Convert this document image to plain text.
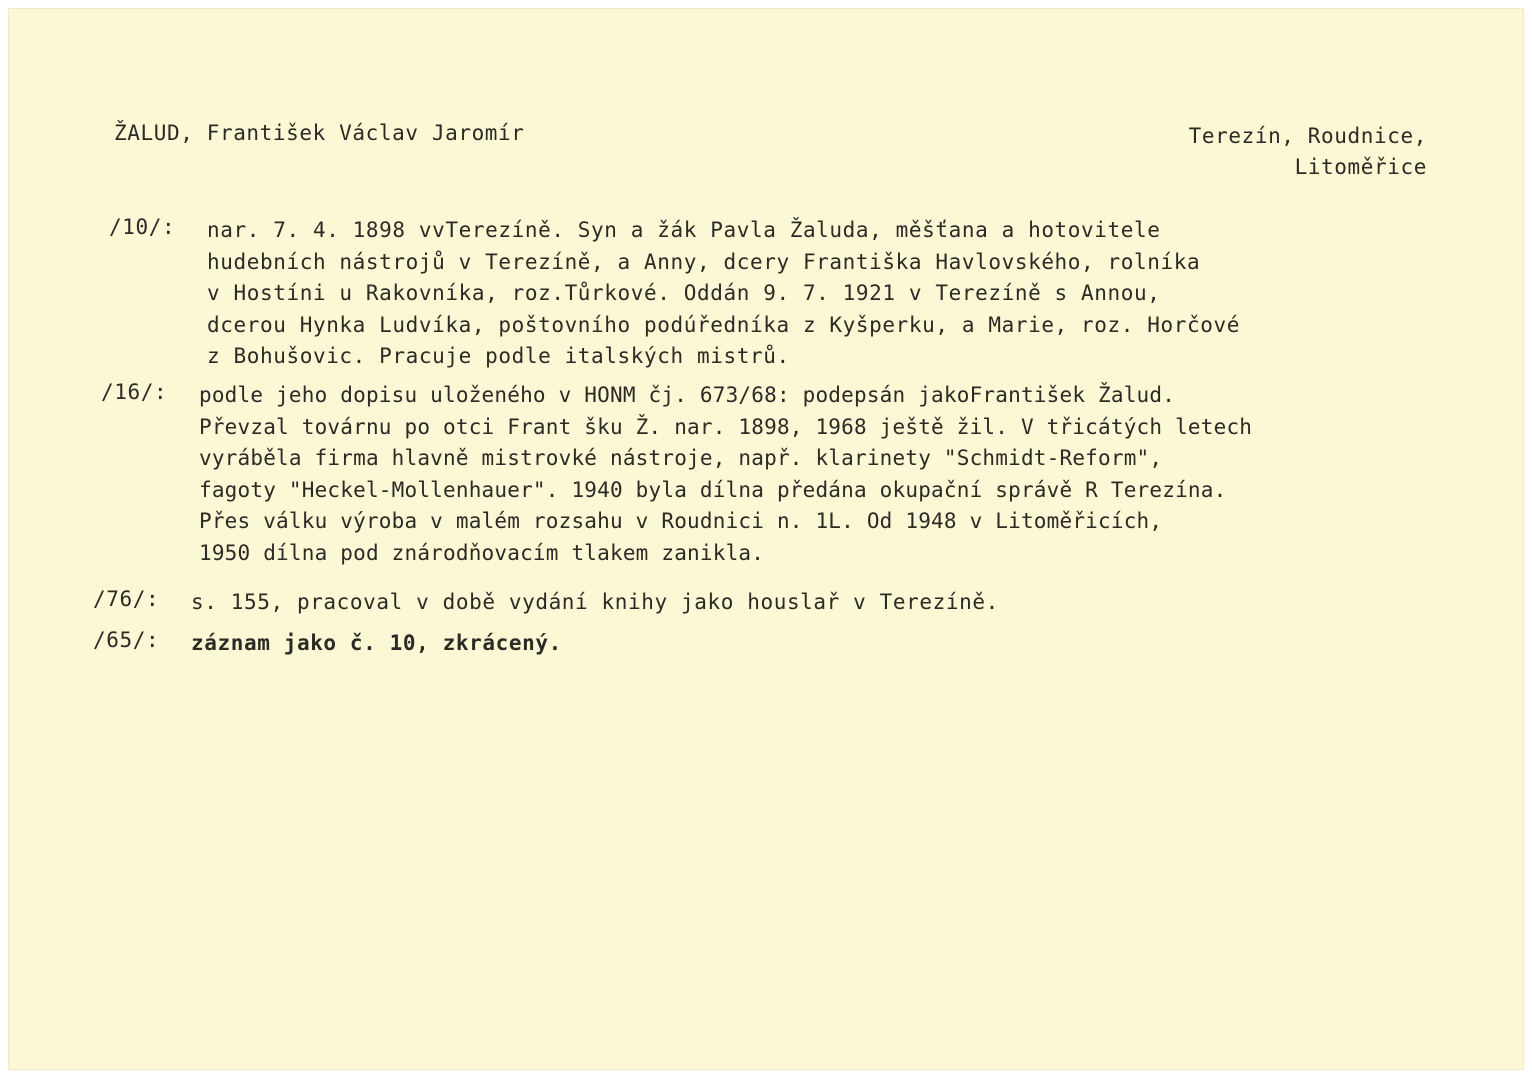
ŽALUD, František Václav Jaromír	Terezín, Roudnice,
Litoměřice
/10/: nar. 7. 4. 1898 vvTerezíně. Syn a žák Pavla Žaluda, měšťana a hotovitele
hudebních nástrojů v Terezíně, a Anny, dcery Františka Havlovského, rolníka
v Hostíni u Rakovníka, roz.Tůrkové. Oddán 9. 7. 1921 v Terezíně s Annou,
dcerou Hynka Ludvíka, poštovního podúředníka z Kyšperku, a Marie, roz. Horčové
z Bohušovic. Pracuje podle italských mistrů.
/16/: podle jeho dopisu uloženého v HONM čj. 673/68: podepsán jakoFrantišek Žalud.
Převzal továrnu po otci Frant šku Ž. nar. 1898, 1968 ještě žil. V třicátých letech
vyráběla firma hlavně mistrovké nástroje, např. klarinety "Schmidt-Reform",
fagoty "Heckel-Mollenhauer". 1940 byla dílna předána okupační správě R Terezína.
Přes válku výroba v malém rozsahu v Roudnici n. 1L. Od 1948 v Litoměřicích,
1950 dílna pod znárodňovacím tlakem zanikla.
/76/: s. 155, pracoval v době vydání knihy jako houslař v Terezíně.
/65/: záznam jako č. 10, zkrácený.
